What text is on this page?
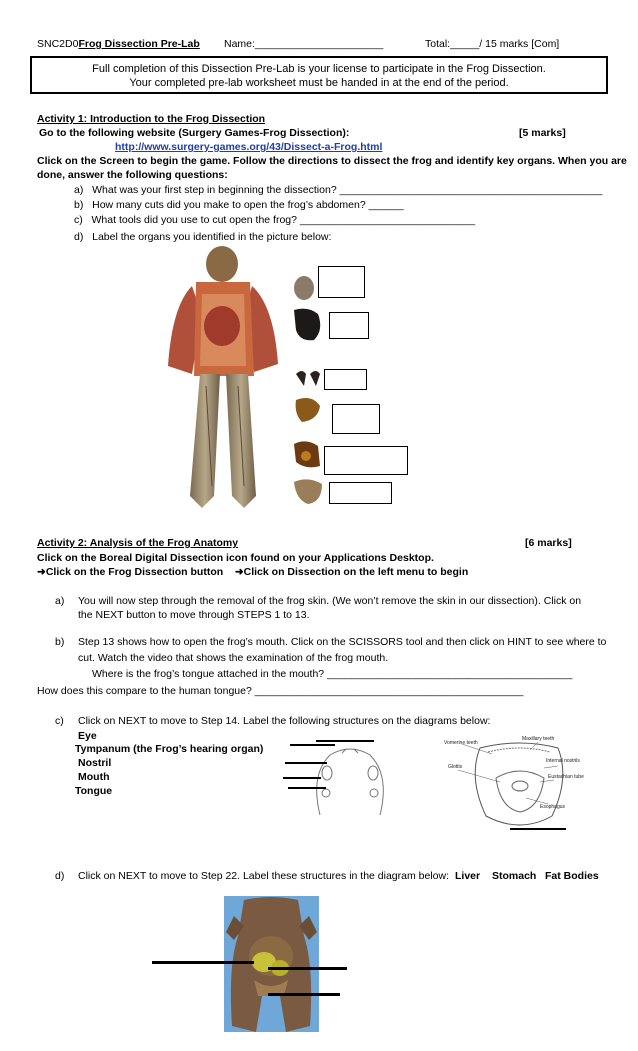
SNC2D0Frog Dissection Pre-Lab Name:______________________	Total:_____/ 15 marks [Com]
Full completion of this Dissection Pre-Lab is your license to participate in the Frog Dissection.
Your completed pre-lab worksheet must be handed in at the end of the period.
Activity 1: Introduction to the Frog Dissection
Go to the following website (Surgery Games-Frog Dissection):	[5 marks]
http://www.surgery-games.org/43/Dissect-a-Frog.html
Click on the Screen to begin the game. Follow the directions to dissect the frog and identify key organs. When you are
done, answer the following questions:
a) What was your first step in beginning the dissection? _____________________________________________
b) How many cuts did you make to open the frog’s abdomen? ______
c) What tools did you use to cut open the frog? ______________________________
d) Label the organs you identified in the picture below:
Activity 2: Analysis of the Frog Anatomy	[6 marks]
Click on the Boreal Digital Dissection icon found on your Applications Desktop.
➜Click on the Frog Dissection button ➜Click on Dissection on the left menu to begin
a) You will now step through the removal of the frog skin. (We won’t remove the skin in our dissection). Click on
the NEXT button to move through STEPS 1 to 13.
b) Step 13 shows how to open the frog’s mouth. Click on the SCISSORS tool and then click on HINT to see where to
cut. Watch the video that shows the examination of the frog mouth.
Where is the frog’s tongue attached in the mouth? __________________________________________
How does this compare to the human tongue? ______________________________________________
c) Click on NEXT to move to Step 14. Label the following structures on the diagrams below:
Eye
Tympanum (the Frog’s hearing organ)
Nostril
Mouth
Tongue
Vomerine teeth
Maxillary teeth
Internal nostrils
Glottis
Eustachian tube
Esophagus
d) Click on NEXT to move to Step 22. Label these structures in the diagram below: Liver Stomach Fat Bodies
